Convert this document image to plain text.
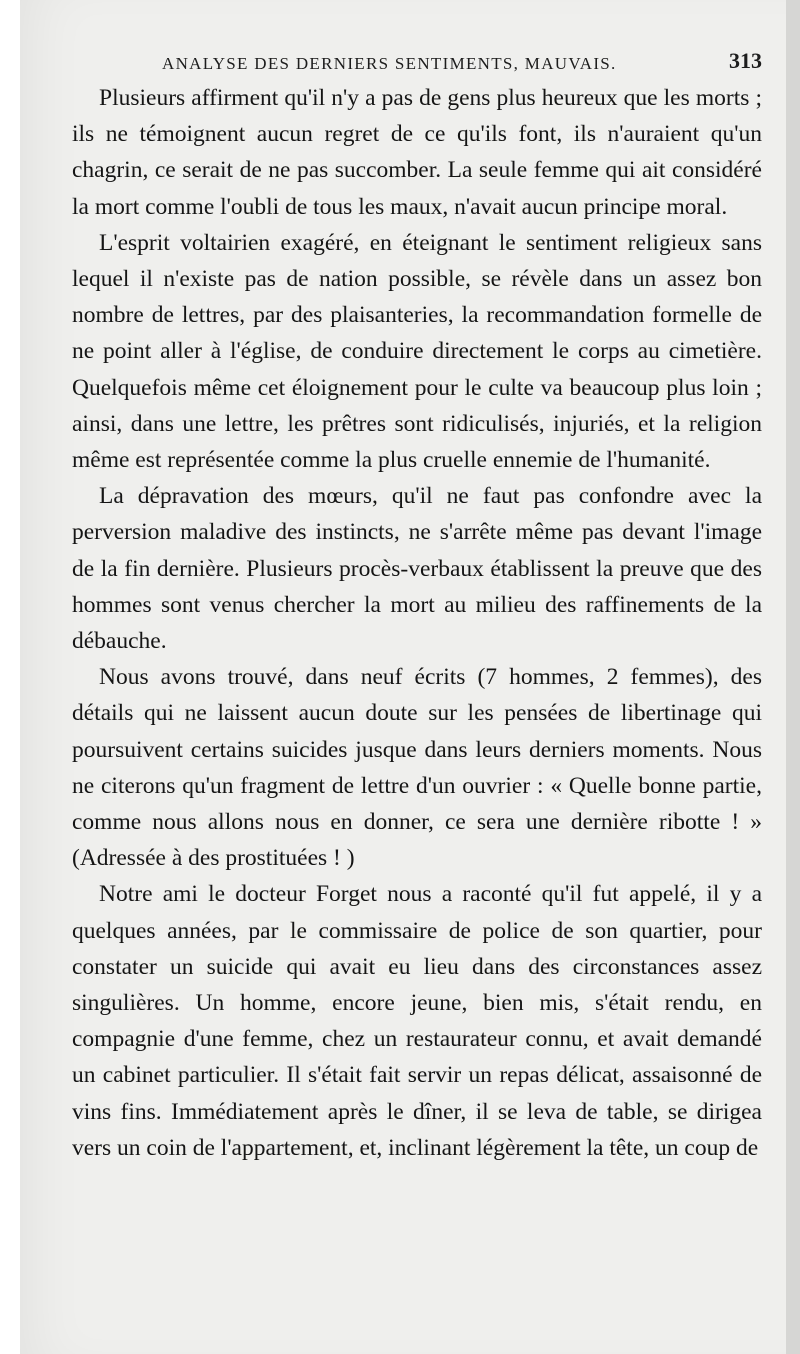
ANALYSE DES DERNIERS SENTIMENTS, MAUVAIS.	313

Plusieurs affirment qu'il n'y a pas de gens plus heureux que les morts ; ils ne témoignent aucun regret de ce qu'ils font, ils n'auraient qu'un chagrin, ce serait de ne pas succomber. La seule femme qui ait considéré la mort comme l'oubli de tous les maux, n'avait aucun principe moral.

L'esprit voltairien exagéré, en éteignant le sentiment religieux sans lequel il n'existe pas de nation possible, se révèle dans un assez bon nombre de lettres, par des plaisanteries, la recommandation formelle de ne point aller à l'église, de conduire directement le corps au cimetière. Quelquefois même cet éloignement pour le culte va beaucoup plus loin ; ainsi, dans une lettre, les prêtres sont ridiculisés, injuriés, et la religion même est représentée comme la plus cruelle ennemie de l'humanité.

La dépravation des mœurs, qu'il ne faut pas confondre avec la perversion maladive des instincts, ne s'arrête même pas devant l'image de la fin dernière. Plusieurs procès-verbaux établissent la preuve que des hommes sont venus chercher la mort au milieu des raffinements de la débauche.

Nous avons trouvé, dans neuf écrits (7 hommes, 2 femmes), des détails qui ne laissent aucun doute sur les pensées de libertinage qui poursuivent certains suicides jusque dans leurs derniers moments. Nous ne citerons qu'un fragment de lettre d'un ouvrier : « Quelle bonne partie, comme nous allons nous en donner, ce sera une dernière ribotte ! » (Adressée à des prostituées ! )

Notre ami le docteur Forget nous a raconté qu'il fut appelé, il y a quelques années, par le commissaire de police de son quartier, pour constater un suicide qui avait eu lieu dans des circonstances assez singulières. Un homme, encore jeune, bien mis, s'était rendu, en compagnie d'une femme, chez un restaurateur connu, et avait demandé un cabinet particulier. Il s'était fait servir un repas délicat, assaisonné de vins fins. Immédiatement après le dîner, il se leva de table, se dirigea vers un coin de l'appartement, et, inclinant légèrement la tête, un coup de
